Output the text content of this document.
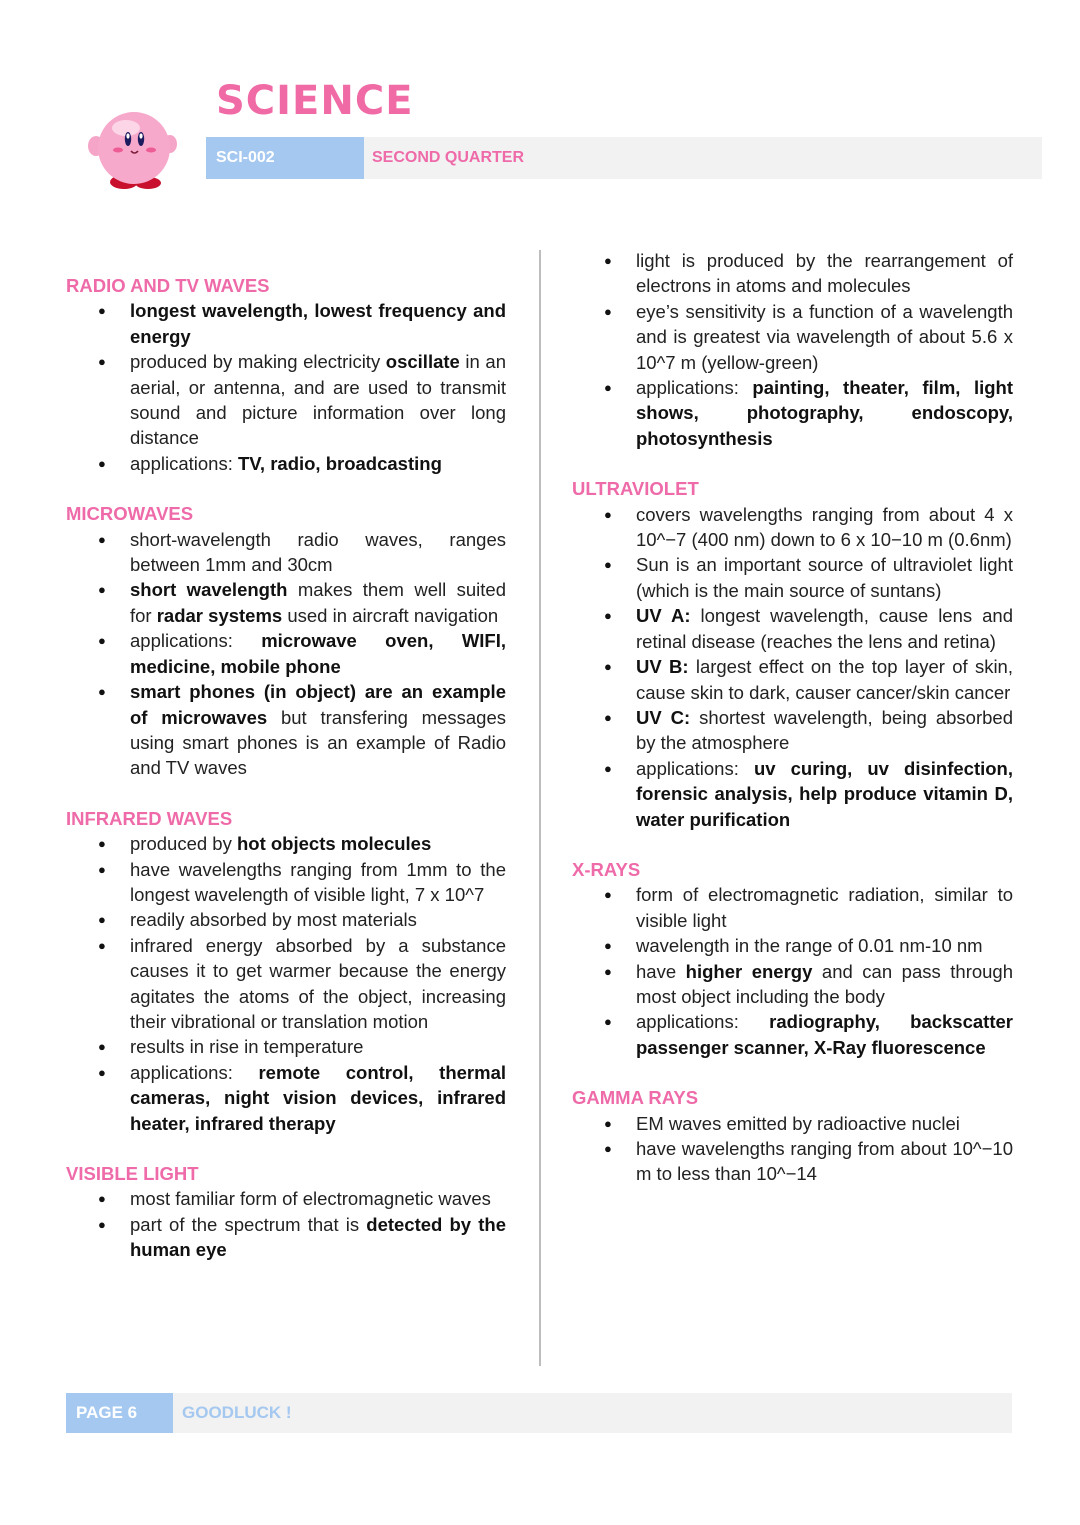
SCIENCE
SCI-002	SECOND QUARTER
RADIO AND TV WAVES
● longest wavelength, lowest frequency and energy
● produced by making electricity oscillate in an aerial, or antenna, and are used to transmit sound and picture information over long distance
● applications: TV, radio, broadcasting
MICROWAVES
● short-wavelength radio waves, ranges between 1mm and 30cm
● short wavelength makes them well suited for radar systems used in aircraft navigation
● applications: microwave oven, WIFI, medicine, mobile phone
● smart phones (in object) are an example of microwaves but transfering messages using smart phones is an example of Radio and TV waves
INFRARED WAVES
● produced by hot objects molecules
● have wavelengths ranging from 1mm to the longest wavelength of visible light, 7 x 10^7
● readily absorbed by most materials
● infrared energy absorbed by a substance causes it to get warmer because the energy agitates the atoms of the object, increasing their vibrational or translation motion
● results in rise in temperature
● applications: remote control, thermal cameras, night vision devices, infrared heater, infrared therapy
VISIBLE LIGHT
● most familiar form of electromagnetic waves
● part of the spectrum that is detected by the human eye
● light is produced by the rearrangement of electrons in atoms and molecules
● eye’s sensitivity is a function of a wavelength and is greatest via wavelength of about 5.6 x 10^7 m (yellow-green)
● applications: painting, theater, film, light shows, photography, endoscopy, photosynthesis
ULTRAVIOLET
● covers wavelengths ranging from about 4 x 10^−7 (400 nm) down to 6 x 10−10 m (0.6nm)
● Sun is an important source of ultraviolet light (which is the main source of suntans)
● UV A: longest wavelength, cause lens and retinal disease (reaches the lens and retina)
● UV B: largest effect on the top layer of skin, cause skin to dark, causer cancer/skin cancer
● UV C: shortest wavelength, being absorbed by the atmosphere
● applications: uv curing, uv disinfection, forensic analysis, help produce vitamin D, water purification
X-RAYS
● form of electromagnetic radiation, similar to visible light
● wavelength in the range of 0.01 nm-10 nm
● have higher energy and can pass through most object including the body
● applications: radiography, backscatter passenger scanner, X-Ray fluorescence
GAMMA RAYS
● EM waves emitted by radioactive nuclei
● have wavelengths ranging from about 10^−10 m to less than 10^−14
PAGE 6	GOODLUCK !
